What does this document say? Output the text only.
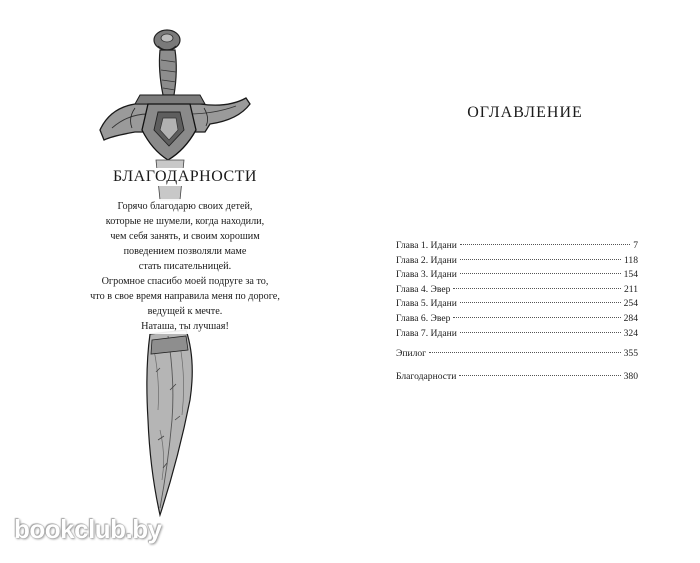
БЛАГОДАРНОСТИ

Горячо благодарю своих детей,
которые не шумели, когда находили,
чем себя занять, и своим хорошим
поведением позволяли маме
стать писательницей.
Огромное спасибо моей подруге за то,
что в свое время направила меня по дороге,
ведущей к мечте.
Наташа, ты лучшая!

ОГЛАВЛЕНИЕ
Глава 1. Идани	7
Глава 2. Идани	118
Глава 3. Идани	154
Глава 4. Эвер	211
Глава 5. Идани	254
Глава 6. Эвер	284
Глава 7. Идани	324
Эпилог	355
Благодарности	380
bookclub.by
